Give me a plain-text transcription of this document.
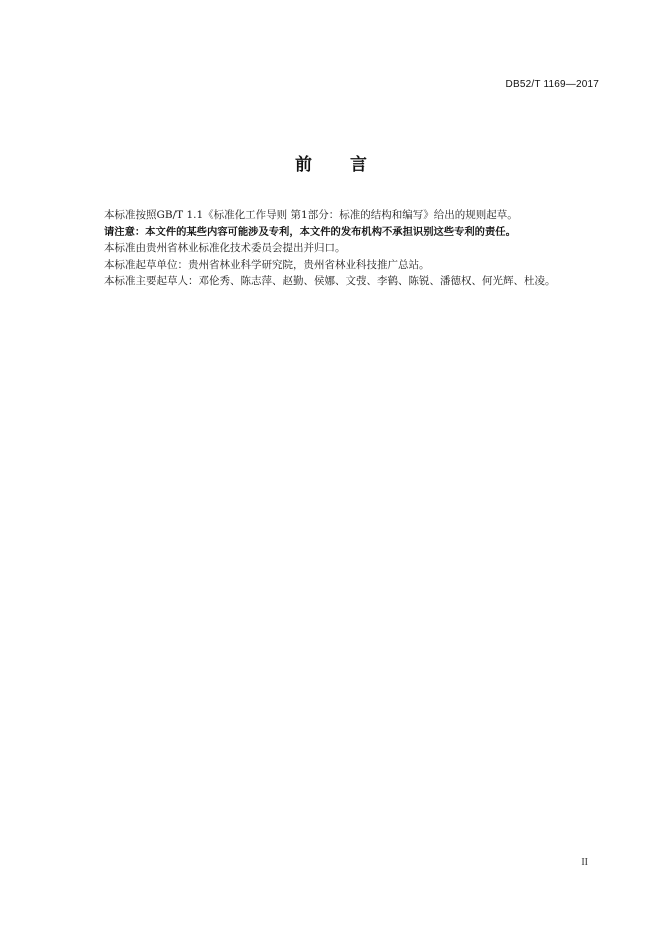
DB52/T 1169—2017
前 言

本标准按照GB/T 1.1《标准化工作导则 第1部分：标准的结构和编写》给出的规则起草。

请注意：本文件的某些内容可能涉及专利，本文件的发布机构不承担识别这些专利的责任。

本标准由贵州省林业标准化技术委员会提出并归口。

本标准起草单位：贵州省林业科学研究院，贵州省林业科技推广总站。

本标准主要起草人：邓伦秀、陈志萍、赵勤、侯娜、文弢、李鹤、陈锐、潘德权、何光辉、杜凌。

II
